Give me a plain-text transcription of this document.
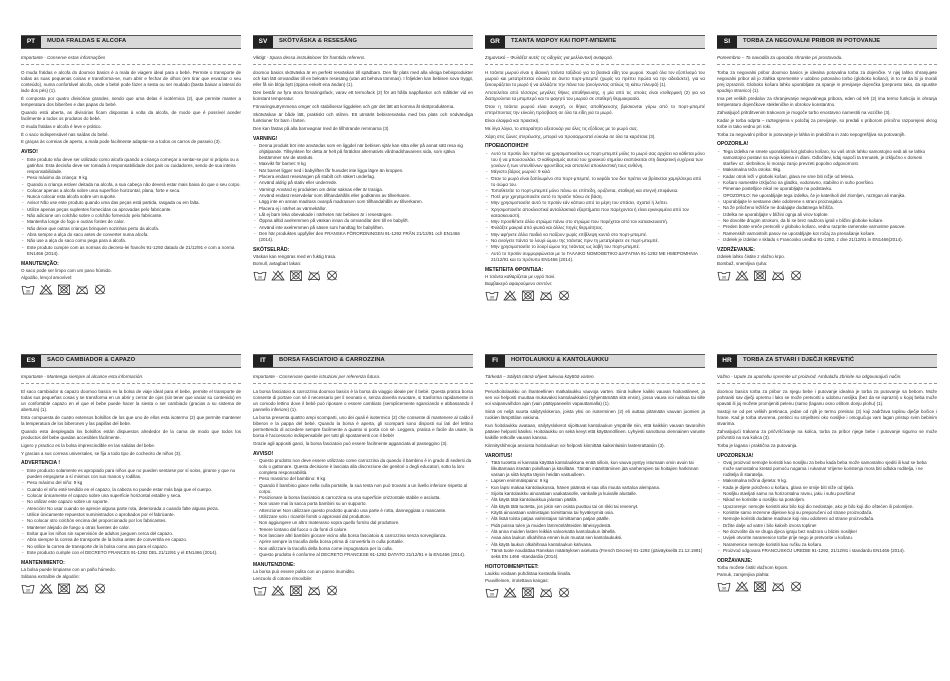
PT	MUDA FRALDAS E ALCOFA
Importante - Conserve estas informações

O muda fraldas e alcofa do doomoo basics é a mala de viagem ideal para o bebé. Permite o transporte de todas as suas pequenas coisas e transforma-se, num abrir e fechar de olhos (em tirar que esvaziar o seu conteúdo), numa confortável alcofa, onde o bebé pode fazer a sesta ou ser mudado (basta baixar a lateral do lado dos pés) (1).

É composta por quatro divisórias grandes, sendo que uma delas é isotérmica (2), que permite manter a temperatura dos biberões e das papas do bebé.

Quando está aberta, as divisórias ficam dispostas à volta da alcofa, de modo que é possível aceder facilmente a todos os produtos do bebé.

O muda fraldas e alcofa é leve e prático.

É o saco indispensável nas saídas do bebé.

E graças às correias de aperto, a mala pode facilmente adaptar-se a todos os carros de passeio (3).

AVISO!
- Este produto não deve ser utilizado como alcofa quando a criança começar a sentar-se por si própria ou a gatinhar. Esta decisão deve ser tomada à responsabilidade dos pais ou cuidadores, sendo de sua inteira responsabilidade.
- Peso máximo da criança: 9 kg
- Quando a criança estiver deitada na alcofa, a sua cabeça não deverá estar mais baixa do que o seu corpo.
- Colocar apenas a alcofa sobre uma superfície horizontal, plana, forte e seca.
- Nunca colocar esta alcofa sobre um suporte.
- Aviso! Não use este produto quando uma das peças está partida, rasgada ou em falta.
- Utilize apenas peças suplentes fornecidas ou aprovadas pelo fabricante.
- Não adicione um colchão sobre o colchão fornecido pelo fabricante.
- Mantenha longe do fogo e outras fontes de calor.
- Não deixe que outras crianças brinquem sozinhas perto da alcofa.
- Abra sempre a alça do saco antes de converter numa alcofa.
- Não use a alça do saco como pega para a alcofa.
- Este produto cumpre com as normas do decreto-lei francês 91-1292 datado de 21/12/91 e com a norma EN1466 (2014).
MANUTENÇÃO:
O saco pode ser limpo com um pano húmido.
Algodão, lençol amovível:
30
SV	SKÖTVÄSKA & RESESÄNG
Viktigt - Spara dessa instruktioner för framtida referens.

doomoo basics skötväska är en perfekt resväskan till spädbarn. Den får plats med alla viktiga bebisprodukter och kan lätt omvandlas till en bekväm resesäng (utan att behöva tömmas). I följelden kan bebisen sova tryggt, eller få sin blöja bytt (öppna enkelt ena ändan) (1).

Den består av fyra stora förvaringsfack, varav ett termofack (2) för att hålla nappflaskor och måltider vid en konstant temperatur.

Förvaringsutrymmena omger och stabiliserar liggdelen och gör det lätt att komma åt skötprodukterna.

Skötväskan är både lätt, praktiskt och stilren. Ett utmärkt bebisresväska med bra plats och nödvändiga funktioner för barn i farten.

Den kan fästas på alla barnvagnar med de tillhörande remmarna (3)

VARNING!
- Denna produkt bör inte användas som en liggdel när bebisen själv kan sitta eller på annat sätt resa sig ohjälpande. Tillsynkten för detta är helt på föräldrar alternativts vårdnadshavarens sida, som själva bestämmer när de utesluts.
- Maxvikt för barnet: 9 kg
- När barnet ligger ned i babyliften får huvudet inte ligga lägre än kroppen.
- Placera endast resesängen på stabilt och säkert underlag.
- Använd aldrig på stativ eller underrede.
- Varning! Använd ej produkten om delar saknas eller är trasiga.
- Använd endast reservdelar som tillhandahålls eller godkänns av tillverkaren.
- Lägg inte en annan madrass ovanpå madrassen som tillhandahålls av tillverkaren.
- Placera ej i närhet av värmekällor.
- Låt ej barn leka obevakade i närheten när bebisen är i resesängen.
- Öppna alltid axelremmen på väskan innan du omvandlar den till en babylift.
- Använd inte axelremmen på säsen som handtag för babyliften.
- Den här produkten uppfyller den FRANSKA FÖRORDNINGEN 91-1292 FRÅN 21/12/91 och EN1466 (2014).
SKÖTSELRÅD:
Väskan kan rengöras med en fuktig trasa.
Bomull, avtagbart lakan:
30
GR	ΤΣΑΝΤΑ ΜΩΡΟΥ ΚΑΙ ΠΟΡΤ-ΜΠΕΜΠΕ
Σημαντικό – Φυλάξτε αυτές τις οδηγίες για μελλοντική αναφορά.

Η τσάντα μωρού είναι η ιδανική τσάντα ταξιδιού για τα βασικά είδη του μωρού. Χωρά όλα τον εξοπλισμό του μωρού και μετατρέπεται εύκολα σε άνετο πορτ-μπεμπέ (χωρίς να πρέπει πρώτα να την αδειάσετε), για να ξεκουράζεται το μωρό ή να αλλάζετε την πάνα του (ανοίγοντας απλώς τη κάτω πλευρά) (1).

Αποτελείται από τέσσερις μεγάλες θήκες αποθήκευσης, η μία από τις οποίες είναι ισοθερμική (2) για να διατηρούνται τα μπιμπερό και το φαγητό του μωρού σε σταθερή θερμοκρασία.

Όταν η τσάντα μωρού είναι ανοιχτή, οι θήκες αποθήκευσης βρίσκονται γύρω από το πορτ-μπεμπέ επιτρέποντας την εύκολη πρόσβαση σε όλα τα είδη για το μωρό.

Είναι ελαφριά και πρακτική.

Με λίγα λόγια, το απαραίτητο αξεσουάρ για όλες τις εξόδους με το μωρό σας.

Χάρη στις ζώνες στερέωσης, μπορεί να προσαρμοστεί εύκολα σε όλα τα καρότσια (3).

ΠΡΟΕΙΔΟΠΟΙΗΣΗ!
- Αυτό το προϊόν δεν πρέπει να χρησιμοποιείται ως πορτ-μπεμπέ μόλις το μωρό σας αρχίσει να κάθεται μόνο του ή να μπουσουλάει. Ο καθορισμός αυτού του χρονικού σημείου εναπόκειται στη διακριτική ευχέρεια των γονέων ή των υπευθύνων φροντίδας και αποτελεί αποκλειστική τους ευθύνη.
- Μέγιστο βάρος μωρού: 9 κιλά
- Όταν το μωρό είναι ξαπλωμένο στο πορτ-μπεμπέ, το κεφάλι του δεν πρέπει να βρίσκεται χαμηλότερα από το σώμα του.
- Τοποθετείτε το πορτ-μπεμπέ μόνο πάνω σε επίπεδη, οριζόντια, σταθερή και στεγνή επιφάνεια.
- Ποτέ μην χρησιμοποιείτε αυτό το προϊόν πάνω σε βάση.
- Μην χρησιμοποιείτε αυτό το προϊόν εάν κάποιο από τα μέρη του σπάσει, σχιστεί ή λείπει.
- Χρησιμοποιείτε αποκλειστικά ανταλλακτικά εξαρτήματα που παρέχονται ή είναι εγκεκριμένα από τον κατασκευαστή.
- Μην προσθέτετε άλλο στρώμα πάνω στο στρώμα που παρέχεται από τον κατασκευαστή.
- Φυλάξτε μακριά από φωτιά και άλλες πηγές θερμότητας.
- Μην αφήνετε άλλα παιδιά να παίζουν χωρίς επίβλεψη κοντά στο πορτ-μπεμπέ.
- Να ανοίγετε πάντα το λουρί ώμου της τσάντας πριν τη μετατρέψετε σε πορτ-μπεμπέ.
- Μην χρησιμοποιείτε το λουρί ώμου της τσάντας ως λαβή του πορτ-μπεμπέ.
- Αυτό το προϊόν συμμορφώνεται με το ΓΑΛΛΙΚΟ ΝΟΜΟΘΕΤΙΚΟ ΔΙΑΤΑΓΜΑ 91-1292 ΜΕ ΗΜΕΡΟΜΗΝΙΑ 21/12/91 και το πρότυπο EN1466 (2014).
ΜΕΤΕΠΕΙΤΑ ΦΡΟΝΤΙΔΑ:
Η τσάντα καθαρίζεται με υγρό πανί.
Βαμβακερό αφαιρούμενο σεντόνι:
30
SI	TORBA ZA NEGOVALNI PRIBOR IN POTOVANJE
Pomembno – Ta navodila za uporabo shranite pri prostovodu.

Torba za negovalni pribor doomoo basics je idealna potovalna torba za dojenčke. V njej lahko shranjujete negovalni pribor ali jo zlahka spremenite v udobno potovalno torbo (globoko košaro), in to ne da bi jo morali prej izprazniti. Globoko košaro lahko uporabljate za spanje in previjanje dojenčka (preprosto tako, da spustite spodnjo stranico) (1).

Ima pet velikih predalov za shranjevanje negovalnega pribora, eden od teh (2) ima termo funkcijo in ohranja temperaturo dojenčkove stekleničke in obrokov konstantno.

Zahvaljujoč pritrditvenim trakovom je mogoče torbo enostavno namestiti na vozičke (3).

Kadar je torba odprta – raztegnjena v položaj za previjanje, so predali s priborom priročno razporejeni okrog torbe in tako vedno pri roki.

Torba za negovalni pribor in potovanje je lahka in praktična in zato nepogrešljiva na potovanjih.

OPOZORILA!
- Tega izdelka ne smete uporabljati kot globoko košaro, ko vaš otrok lahko samostojno sedi ali se lahko samostojno postavi na svoja kolena in dlani. Odločitev, kdaj napoči ta trenutek, je izključno v domeni staršev oz. skrbnikov, ki morajo zanjo prevzeti popolno odgovornost.
- Maksimalna teža otroka: 9kg.
- Kadar otrok leži v globoki košari, glava ne sme biti nižje od telesa.
- Košaro namestite izključno na gladko, vodoravno, stabilno in suho površino.
- Pimenae postelljice nikol ne uporabljajte na podstavku.
- OPOZORILO: Ne uporabljajte tega izdelka, če je katerikoli del zlomljen, raztrgan ali manjka.
- Uporabljajte le sestavne dele odobrene s strani proizvajalca.
- Na že priloženo ležišče ne dodajajte dodatnega ležišča.
- Izdelka ne uporabljajte v bližini ognja ali virov toplote.
- Ne dovolite drugim otrokom, da bi se brez nadzora igrali v bližini globoke košare.
- Preden boste vreče pretvorili v globoko košaro, vedno razprite ramenske varnostne pasove.
- Ramenskih varnostnih pasov ne uporabljajte kot ročaj za prenašanje košare.
- Izdelek je izdelan v skladu s Francosko uredbo 91-1292, z dne 21/12/91 in EN1466(2014).
VZDRŽEVANJE:
Izdelek lahko čistite z vlažno krpo.
Bombaž, snemljiva rjuha:
30
ES	SACO CAMBIADOR & CAPAZO
Importante - Mantenga siempre al alcance esta información.

El saco cambiador & capazo doomoo basics es la bolsa de viaje ideal para el bebe, permite el transporte de todas sus pequeñas cosas y se transforma en un abrir y cerrar de ojos (sin tener que vaciar su contenido) en un confortable capazo en el que el bebe puede hacer la siesta o ser cambiado (gracias a su sistema de abertura) (1).

Esta compuesta de cuatro extensos bolsillos de los que uno de ellos esta isotermo (2) que permite mantener la temperatura de los biberones y las papillas del bebe.

Quando esta desplegada los bolsillos están dispuestos alrededor de la cama de modo que todos los productos del bebe quedan accesibles fácilmente.

Ligero y practico es la bolsa imprescindible en las salidas del bebe.

Y gracias a sus correas universales, se fija a todo tipo de cochecito de niños (3).

ADVERTENCIA !
- Este producto solamente es apropiado para niños que no pueden sentarse por sí solos, girarse y que no pueden empujarse a sí mismos con sus manos y rodillas.
- Peso máximo del niño: 9 kg
- Cuando el niño esté tendido en el capazo, la cabeza no puede estar más baja que el cuerpo.
- Colocar únicamente el capazo sobre una superficie horizontal estable y seca.
- No utilizar este capazo sobre un soporte.
- Atención! No usar cuando se aprecie alguna parte rota, deteriorada o cuando falte alguna pieza.
- Utilice únicamente repuestos suministrados o aprobados por el fabricante.
- No colocar otro colchón encima del proporcionado por los fabricantes.
- Mantener alejado de fuego u otras fuentes de calor.
- Evitar que los niños sin supervisión de adultos jueguen cerca del capazo.
- Abra siempre la correa de transporte de la bolsa antes de convertirla en capazo.
- No utilice la correa de transporte de la bolsa como asa para el capazo.
- Este producto cumple con el DECRETO FRANCES 91-1292 DEL 21/12/91 y el EN1466 (2014).
MANTENIMIENTO:
La bolsa puede limpiarse con un paño húmedo.
Sábana extraíble de algodón:
30
IT	BORSA FASCIATOIO & CARROZZINA
Importante - Conservare queste istruzioni per referenza futura.

La borsa fasciatoio & carrozzina doomoo basics è la borsa da viaggio ideale per il bebè. Questa pratica borsa consente di portare con sé il necessario per il neonato e, senza doverla svuotare, si trasforma rapidamente in un comodo lettino dove il bebè può riposare o essere cambiato (semplicemente sganciando e abbassando il pannello inferiore) (1).

La borsa presenta quattro ampi scomparti, uno dei quali è isotermico (2) che consente di mantenere al caldo il biberon e la pappa del bebè. Quando la borsa è aperta, gli scomparti sono disposti sui lati del lettino permettendo di accedere sempre facilmente a quanto si porta con sé. Leggera, pratica e facile da usare, la borsa è l'accessorio indispensabile per tutti gli spostamenti con il bebè!

Grazie agli appositi ganci, la borsa fasciatoio può essere facilmente agganciata al passeggino (3).

AVVISO!
- Questo prodotto non deve essere utilizzato come carrozzina da quando il bambino è in grado di sedersi da solo o gattonare. Questa decisione è lasciata alla discrezione dei genitori o degli educatori, sotto la loro completa responsabilità.
- Peso massimo del bambino: 9 kg
- Quando il bambino giace nella culla portatile, la sua testa non può trovarsi a un livello inferiore rispetto al corpo.
- Posizionare la borsa fasciatoio & carrozzina su una superficie orizzontale stabile e asciutta.
- Non usare mai la sacca porta bambini su un supporto.
- Attenzione! Non utilizzare questo prodotto quando una parte è rotta, danneggiata o mancante.
- Utilizzare solo i ricambi forniti o approvati dal produttore.
- Non aggiungere un altro materasso sopra quello fornito dal produttore.
- Tenere lontano dal fuoco o da fonti di calore.
- Non lasciare altri bambini giocare vicino alla borsa fasciatoio & carrozzina senza sorveglianza.
- Aprire sempre la tracolla della borsa prima di convertirla in culla portatile.
- Non utilizzare la tracolla della borsa come impugnatura per la culla.
- Questo prodotto è conforme al DECRETO FRANCESE 91-1292 DATATO 21/12/91 e la EN1466 (2014).
MANUTENZIONE:
La borsa può essere pulita con un panno inumidito.
Lenzuolo di cotone rimovibile:
30
FI	HOITOLAUKKU & KANTOLAUKKU
Tärkeää – Säilytä nämä ohjeet tulevaa käyttöä varten.

Perushoitolaukku on ihanteellinen matkalaukku vauvoja varten. Siinä kulkee kaikki vauvan hoitovälineet, ja sen voi helposti muuttaa mukavaksi kantolaukkuksi (tyhjentämättä sitä ensin), jossa vauva voi nukkua tai sille voi vaipanvaihdon ajan (vain päätypaneelin vapauttamalla) (1).

Siinä on neljä suurta säilytyslokeroa, joista yksi on isoterminen (2) eli auttaa pitämään vauvan juomien ja ruokien lämpötilan vakiona.

Kun hoitolaukku avataan, säilytyslokerot sijoittuvat kantolaukun ympärille niin, että kaikkiin vauvan tavaroihin pääsee helposti käsiksi. Hoitolaukku on sekä kevyt että käytännöllinen. Lyhyesti sanottuna olennainen varuste kaikille retkoille vauvan kanssa.

Kiinnityshihnoja ansiosta hoitolaukun voi helposti kiinnittää kaikenlaisiin lastenrattaisiin (3).

VAROITUS!
- Tätä tuotetta ei kannata käyttää kantolaukkuna enää silloin, kun vauva pystyy istumaan omin avuin tai liikuttamaan itseään polvillaan ja käsillään. Tämän määrittäminen jää vanhempien tai hoitajien harkinnan varaan ja siitä kaytta täysin heidän vastuulleen.
- Lapsen enimmäispaino: 9 kg
- Kun lapsi makaa kantolaukussa, hänen päänsä ei saa olla muuta vartaloa alempana.
- Sijoita kantolaukku ainoastaan vaakatasolle, vankalle ja kuivalle alustalle.
- Älä käytä tätä kantolaukkua jalustan päällä.
- Älä käytä tätä tuotetta, jos jokin sen osista puuttuu tai on rikki tai revennyt.
- Käytä ainoastaan valmistajan toimittamia tai hyväksymiä osia.
- Älä lisää toista patjaa valmistajan toimittaman patjan päälle.
- Pidä poissa tulen ja muiden lämmönlähteiden läheisyydestä.
- Älä anna muiden lasten leikkiä valvomatta kantolaukun lähellä.
- Avaa aina laukun olkahihna ennen kuin muutat sen kantolaukuksi.
- Älä käytä laukun olkahihnaa kantolaukun kahvana.
- Tämä tuote noudattaa Ranskan määräyksen asetusta (French Decree) 91-1292 (päiväyksellä 21.12.1991) sekä EN 1466 -standardia (2014).
HOITOTOIMENPITEET:
Laukku voidaan puhdistaa kostealla liinalla.
Puuvilleinen, irrotettava kangas:
30
HR	TORBA ZA STVARI I DJEČJI KREVETIĆ
Važno - Upute za upotrebu spremite uz proizvod. Ambalažu zbrinite na odgovarajući način.

doomoo basics torba za pribor za njegu bebe i putovanje idealna je torba za putovanje sa bebom. Može pohraniti sav dječji opremu i lako se može pretvoriti u udobnu nosiljku (bez da se isprazni) u kojoj beba može spavati ili joj možete promijeniti pelenu (samo (laganu osno otiltom donju plohu) (1).

Sastoji se od pet velikih pretinaca, jedan od njih je termo pretinac (2) koji zadržava toplinu dječje bočice i hrane. Kad je torba otvorena, pretinci su smješteni oko nosiljke i omogućuju vam lagan pristup svim bebinim stvarima.

Zahvaljujući trakama za pričvršćivanje na kolica, torba za pribor njege bebe i putovanje sigurno se može pričvrstiti na sva kolica (3).

Torba je lagana i praktična za putovanja.

UPOZORENJA!
- Ovaj proizvod nemojte koristiti kao nosiljku za bebu kada beba može samostalno sjediti ili kad se beba može samostalno kretati pomoću nogama i rukama! Vrijeme koristenja mora biti odluka roditelja, i ne roditelja ili staratelja.
- Maksimalna težina djeteta: 9 kg.
- Kada je dijete položeno u košaru, glava ne smije biti niže od tijela.
- Nosiljku stavljati samo na horizontalnu ravnu, jaku i suhu površinu!
- Nikad ne koristite u nosiljku sa postoljem.
- Upozorenje: nemojte koristiti ako bilo koji dio nedostaje, ako je bilo koji dio oštećen ili polomljen.
- Koristite samo rezervne dijelove koji su preporučeni od strane proizvođača.
- Nemojte koristiti dodatne madrace koji nisu odobreni od strane proizvođača.
- Držite dalje od vatre i bilo kakvih izvora topline!
- Ne dozvolite da se druga djeca igraju bez nadzora u blizini nosiljke!
- Uvijek otvorite naramenice torbe prije nego je pretvorite u košaru.
- Naramenice nemojte koristiti kao ručku za košaru.
- Proizvod odgovara FRANCUSKOJ UREDBI 91-1292, 21/12/91 i standardu EN1466 (2014).
ODRŽAVANJE:
Torbu možete čistiti vlažnom krpom.
Pamuk, zamjenjiva plahta:
30
